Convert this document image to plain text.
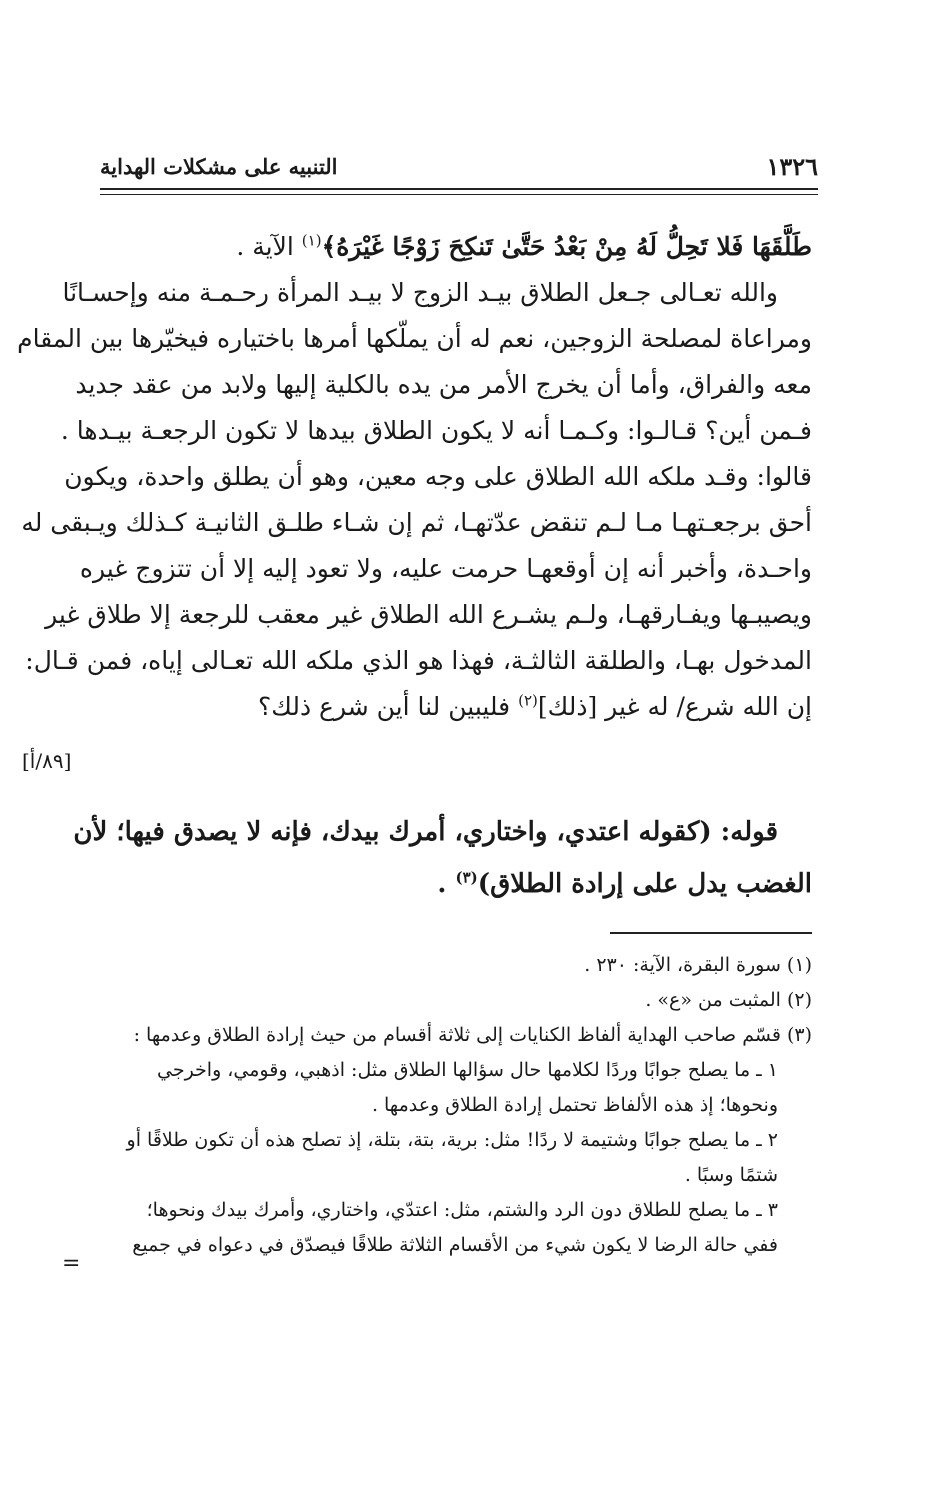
١٣٢٦
التنبيه على مشكلات الهداية
طَلَّقَهَا فَلا تَحِلُّ لَهُ مِنْ بَعْدُ حَتَّىٰ تَنكِحَ زَوْجًا غَيْرَهُ﴾$^{(١)}$ الآية .
والله تعـالى جـعل الطلاق بيـد الزوج لا بيـد المرأة رحـمـة منه وإحسـانًا
ومراعاة لمصلحة الزوجين، نعم له أن يملّكها أمرها باختياره فيخيّرها بين المقام
معه والفراق، وأما أن يخرج الأمر من يده بالكلية إليها ولابد من عقد جديد
فـمن أين؟ قـالـوا: وكـمـا أنه لا يكون الطلاق بيدها لا تكون الرجعـة بيـدها .
قالوا: وقـد ملكه الله الطلاق على وجه معين، وهو أن يطلق واحدة، ويكون
أحق برجعـتهـا مـا لـم تنقض عدّتهـا، ثم إن شـاء طلـق الثانيـة كـذلك ويـبقى له
واحـدة، وأخبر أنه إن أوقعهـا حرمت عليه، ولا تعود إليه إلا أن تتزوج غيره
ويصيبـها ويفـارقهـا، ولـم يشـرع الله الطلاق غير معقب للرجعة إلا طلاق غير
المدخول بهـا، والطلقة الثالثـة، فهذا هو الذي ملكه الله تعـالى إياه، فمن قـال:
إن الله شرع/ له غير [ذلك]$^{(٢)}$ فليبين لنا أين شرع ذلك؟
[٨٩/أ]
قوله: (كقوله اعتدي، واختاري، أمرك بيدك، فإنه لا يصدق فيها؛ لأن
الغضب يدل على إرادة الطلاق)$^{(٣)}$ .
(١) سورة البقرة، الآية: ٢٣٠ .
(٢) المثبت من «ع» .
(٣) قسّم صاحب الهداية ألفاظ الكنايات إلى ثلاثة أقسام من حيث إرادة الطلاق وعدمها :
١ ـ ما يصلح جوابًا وردًا لكلامها حال سؤالها الطلاق مثل: اذهبي، وقومي، واخرجي
ونحوها؛ إذ هذه الألفاظ تحتمل إرادة الطلاق وعدمها .
٢ ـ ما يصلح جوابًا وشتيمة لا ردًا! مثل: برية، بتة، بتلة، إذ تصلح هذه أن تكون طلاقًا أو
شتمًا وسبًا .
٣ ـ ما يصلح للطلاق دون الرد والشتم، مثل: اعتدّي، واختاري، وأمرك بيدك ونحوها؛
ففي حالة الرضا لا يكون شيء من الأقسام الثلاثة طلاقًا فيصدّق في دعواه في جميع
=
